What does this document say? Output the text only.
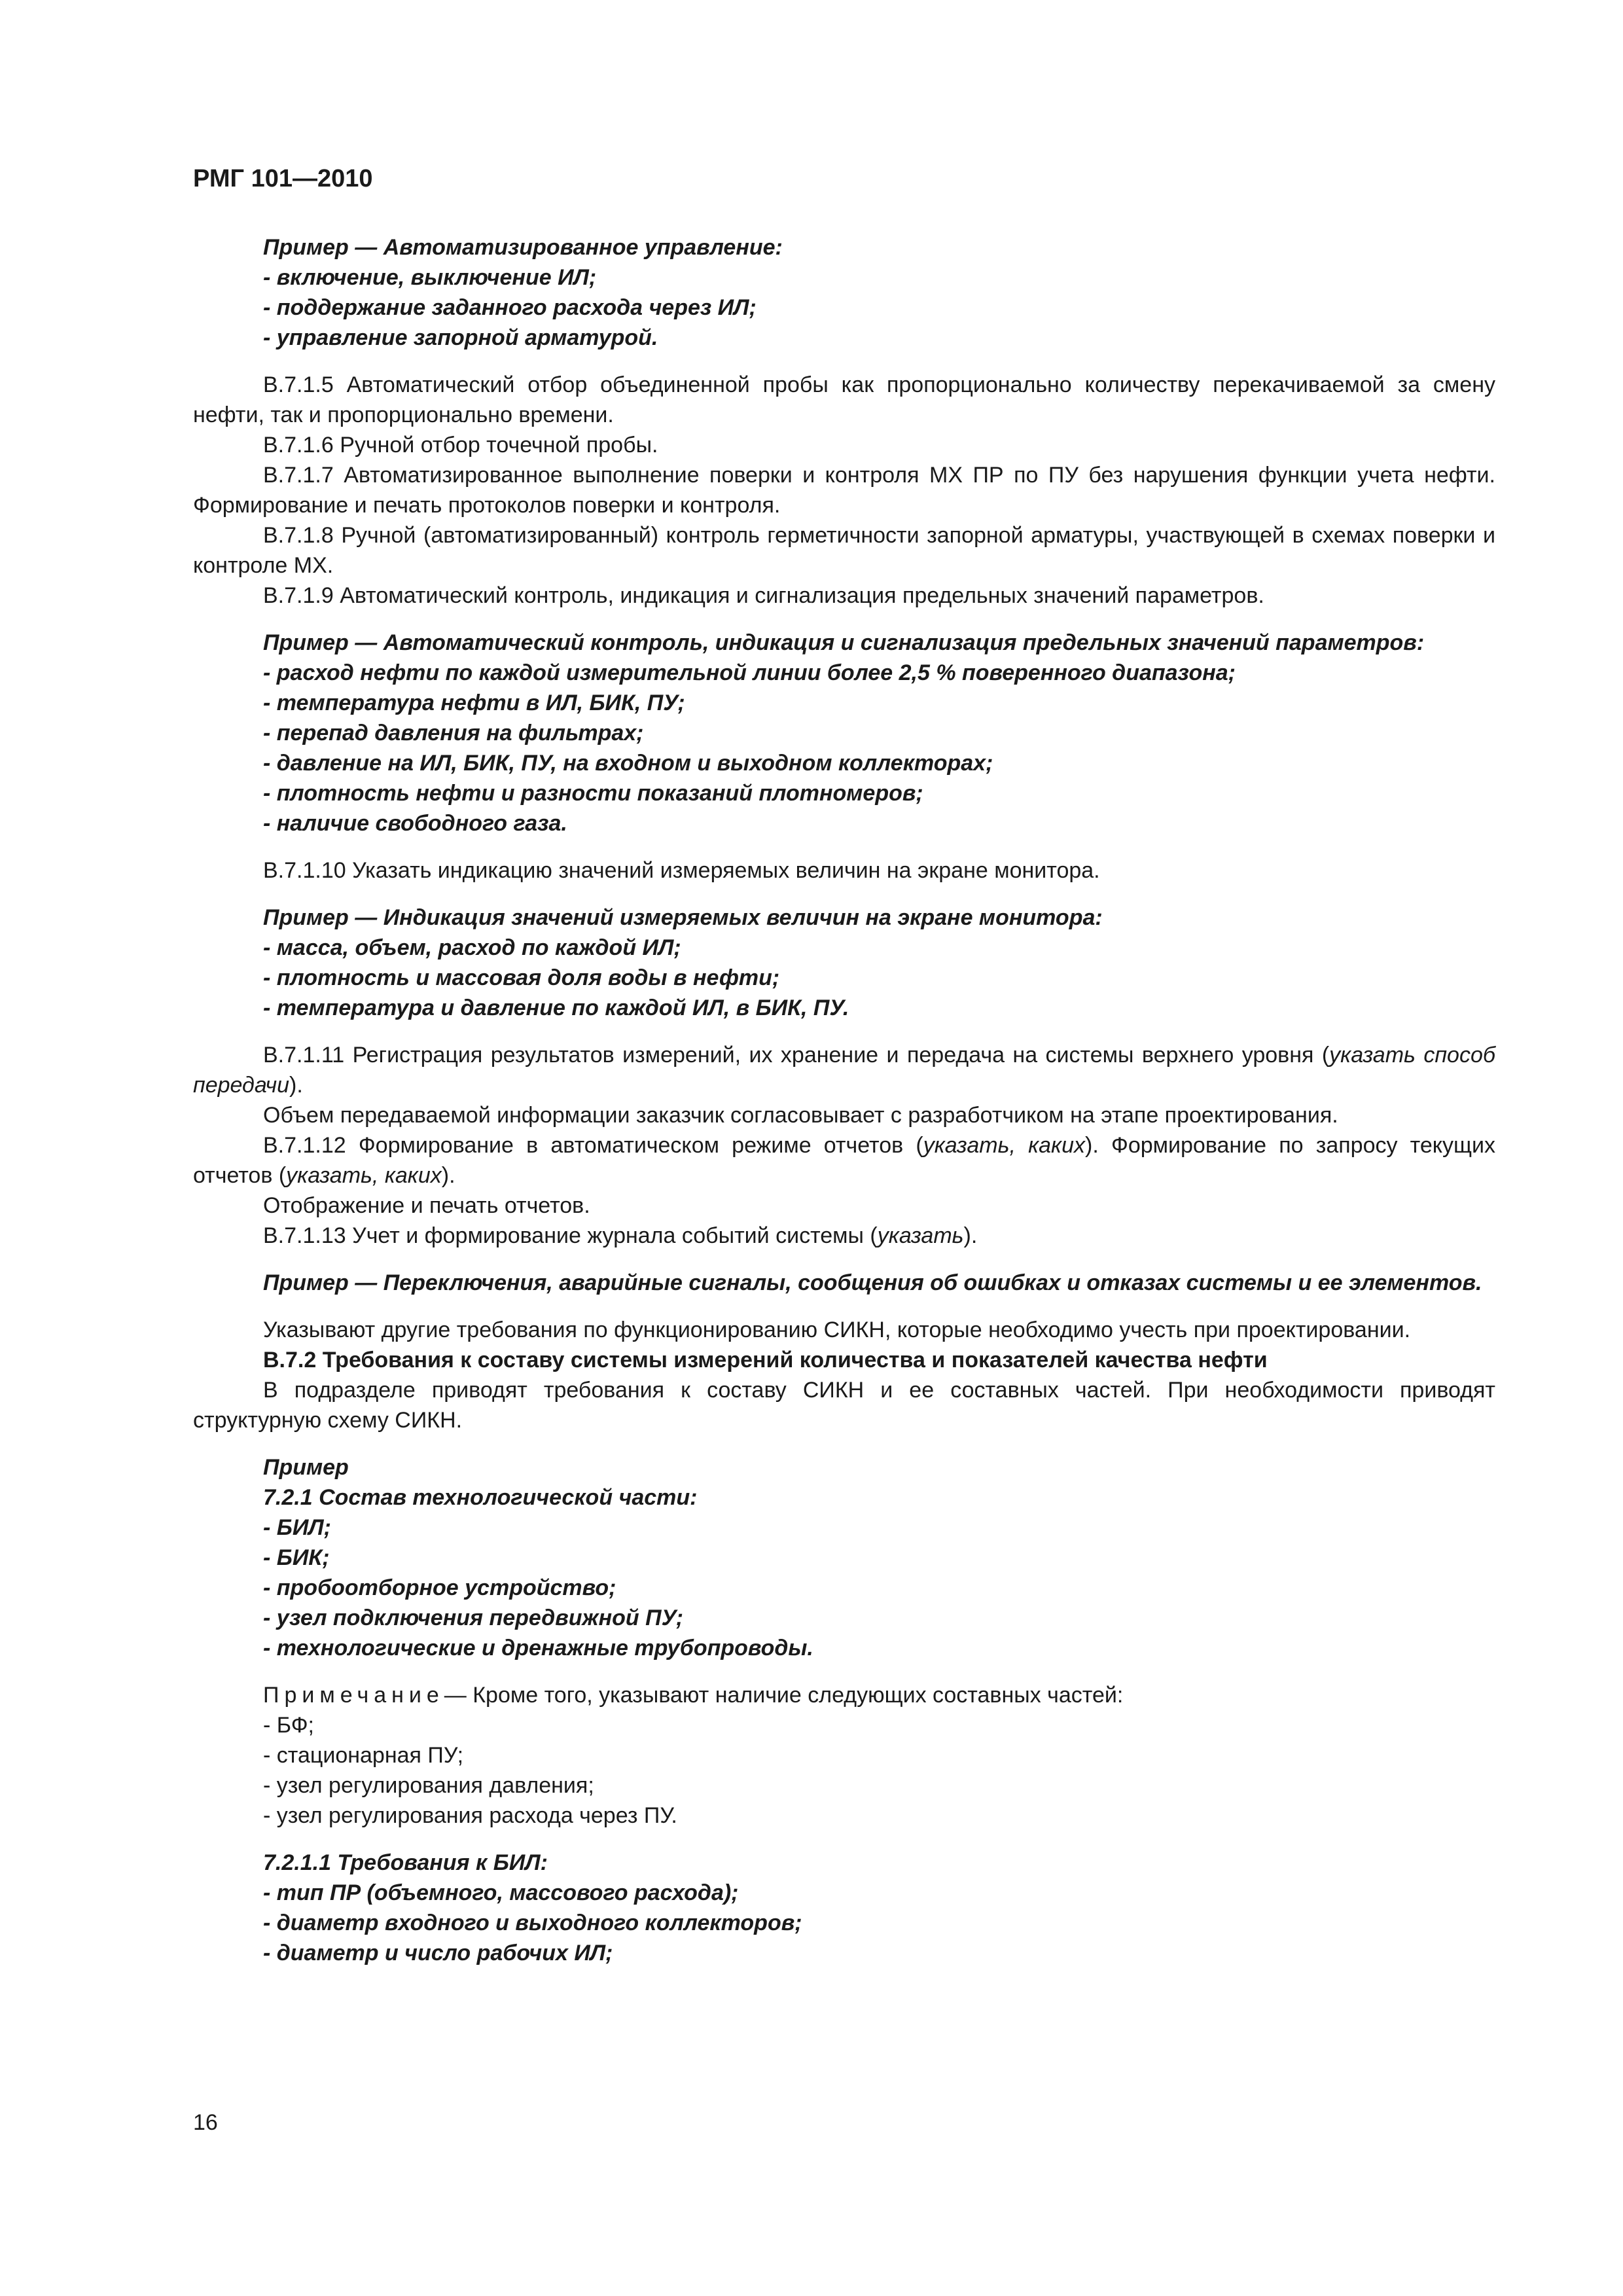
РМГ 101—2010
Пример — Автоматизированное управление:
- включение, выключение ИЛ;
- поддержание заданного расхода через ИЛ;
- управление запорной арматурой.
В.7.1.5 Автоматический отбор объединенной пробы как пропорционально количеству перекачиваемой за смену нефти, так и пропорционально времени.
В.7.1.6 Ручной отбор точечной пробы.
В.7.1.7 Автоматизированное выполнение поверки и контроля МХ ПР по ПУ без нарушения функции учета нефти. Формирование и печать протоколов поверки и контроля.
В.7.1.8 Ручной (автоматизированный) контроль герметичности запорной арматуры, участвующей в схемах поверки и контроле МХ.
В.7.1.9 Автоматический контроль, индикация и сигнализация предельных значений параметров.
Пример — Автоматический контроль, индикация и сигнализация предельных значений параметров:
- расход нефти по каждой измерительной линии более 2,5 % поверенного диапазона;
- температура нефти в ИЛ, БИК, ПУ;
- перепад давления на фильтрах;
- давление на ИЛ, БИК, ПУ, на входном и выходном коллекторах;
- плотность нефти и разности показаний плотномеров;
- наличие свободного газа.
В.7.1.10 Указать индикацию значений измеряемых величин на экране монитора.
Пример — Индикация значений измеряемых величин на экране монитора:
- масса, объем, расход по каждой ИЛ;
- плотность и массовая доля воды в нефти;
- температура и давление по каждой ИЛ, в БИК, ПУ.
В.7.1.11 Регистрация результатов измерений, их хранение и передача на системы верхнего уровня (указать способ передачи).
Объем передаваемой информации заказчик согласовывает с разработчиком на этапе проектирования.
В.7.1.12 Формирование в автоматическом режиме отчетов (указать, каких). Формирование по запросу текущих отчетов (указать, каких).
Отображение и печать отчетов.
В.7.1.13 Учет и формирование журнала событий системы (указать).
Пример — Переключения, аварийные сигналы, сообщения об ошибках и отказах системы и ее элементов.
Указывают другие требования по функционированию СИКН, которые необходимо учесть при проектировании.
В.7.2 Требования к составу системы измерений количества и показателей качества нефти
В подразделе приводят требования к составу СИКН и ее составных частей. При необходимости приводят структурную схему СИКН.
Пример
7.2.1 Состав технологической части:
- БИЛ;
- БИК;
- пробоотборное устройство;
- узел подключения передвижной ПУ;
- технологические и дренажные трубопроводы.
Примечание— Кроме того, указывают наличие следующих составных частей:
- БФ;
- стационарная ПУ;
- узел регулирования давления;
- узел регулирования расхода через ПУ.
7.2.1.1 Требования к БИЛ:
- тип ПР (объемного, массового расхода);
- диаметр входного и выходного коллекторов;
- диаметр и число рабочих ИЛ;
16
